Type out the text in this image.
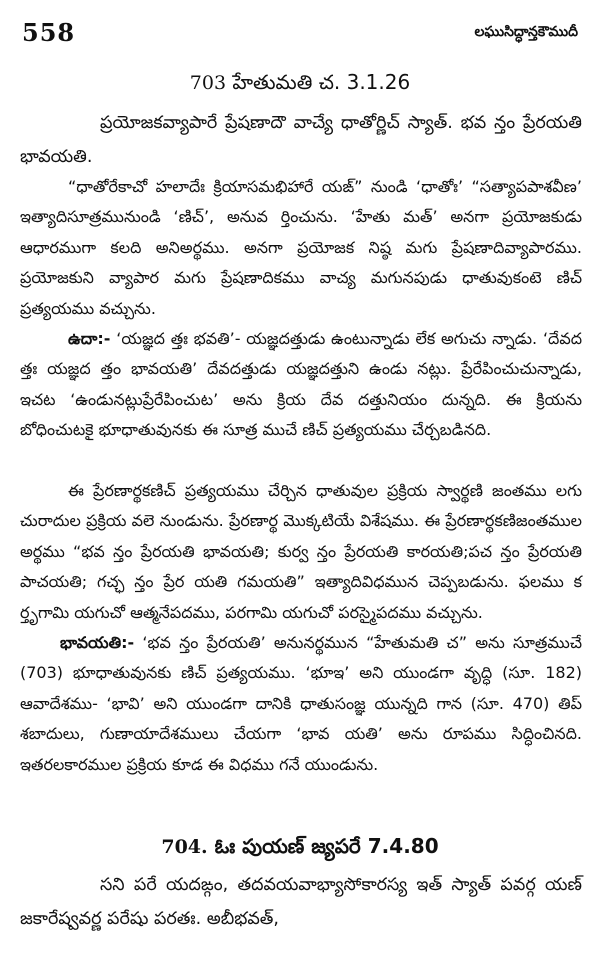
558	లఘుసిద్ధాన్తకౌముదీ
703 హేతుమతి చ. 3.1.26

ప్రయోజకవ్యాపారే ప్రేషణాదౌ వాచ్యే ధాతోర్ణిచ్ స్యాత్. భవ న్తం ప్రేరయతి భావయతి.

“ధాతోరేకాచో హలాదేః క్రియాసమభిహారే యఙ్” నుండి ‘ధాతోః’ “సత్యాపపాశవీణ’ ఇత్యాదిసూత్రమునుండి ‘ణిచ్’, అనువ ర్తించును. ‘హేతు మత్’ అనగా ప్రయోజకుడు ఆధారముగా కలది అనిఅర్థము. అనగా ప్రయోజక నిష్ఠ మగు ప్రేషణాదివ్యాపారము. ప్రయోజకుని వ్యాపార మగు ప్రేషణాదికము వాచ్య మగునపుడు ధాతువుకంటె ణిచ్ ప్రత్యయము వచ్చును.

ఉదా:- ‘యజ్ఞద త్తః భవతి’- యజ్ఞదత్తుడు ఉంటున్నాడు లేక అగుచు న్నాడు. ‘దేవద త్తః యజ్ఞద త్తం భావయతి’ దేవదత్తుడు యజ్ఞదత్తుని ఉండు నట్లు. ప్రేరేపించుచున్నాడు, ఇచట ‘ఉండునట్లుప్రేరేపించుట’ అను క్రియ దేవ దత్తునియం దున్నది. ఈ క్రియను బోధించుటకై భూధాతువునకు ఈ సూత్ర ముచే ణిచ్ ప్రత్యయము చేర్చబడినది.

ఈ ప్రేరణార్థకణిచ్ ప్రత్యయము చేర్చిన ధాతువుల ప్రక్రియ స్వార్థణి జంతము లగు చురాదుల ప్రక్రియ వలె నుండును. ప్రేరణార్థ మొక్కటియే విశేషము. ఈ ప్రేరణార్థకణిజంతముల అర్థము “భవ న్తం ప్రేరయతి భావయతి; కుర్వ న్తం ప్రేరయతి కారయతి;పచ న్తం ప్రేరయతి పాచయతి; గచ్ఛ న్తం ప్రేర యతి గమయతి” ఇత్యాదివిధమున చెప్పబడును. ఫలము క ర్తృగామి యగుచో ఆత్మనేపదము, పరగామి యగుచో పరస్మైపదము వచ్చును.

భావయతి:- ‘భవ న్తం ప్రేరయతి’ అనునర్థమున “హేతుమతి చ” అను సూత్రముచే (703) భూధాతువునకు ణిచ్ ప్రత్యయము. ‘భూఇ’ అని యుండగా వృద్ధి (సూ. 182) ఆవాదేశము- ‘భావి’ అని యుండగా దానికి ధాతుసంజ్ఞ యున్నది గాన (సూ. 470) తిప్ శబాదులు, గుణాయాదేశములు చేయగా ‘భావ యతి’ అను రూపము సిద్ధించినది. ఇతరలకారముల ప్రక్రియ కూడ ఈ విధము గనే యుండును.

704. ఓః పుయణ్ జ్యపరే 7.4.80

సని పరే యదఙ్గం, తదవయవాభ్యాసోకారస్య ఇత్ స్యాత్ పవర్గ యణ్ జకారేష్వవర్ణ పరేషు పరతః. అబీభవత్,
